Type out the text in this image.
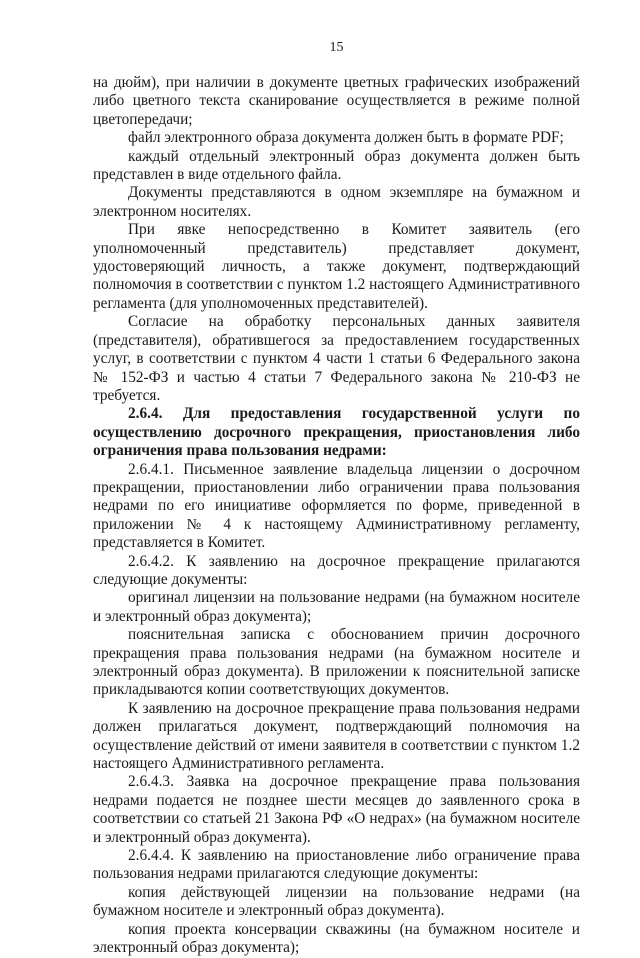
15

на дюйм), при наличии в документе цветных графических изображений либо цветного текста сканирование осуществляется в режиме полной цветопередачи;

файл электронного образа документа должен быть в формате PDF;

каждый отдельный электронный образ документа должен быть представлен в виде отдельного файла.

Документы представляются в одном экземпляре на бумажном и электронном носителях.

При явке непосредственно в Комитет заявитель (его уполномоченный представитель) представляет документ, удостоверяющий личность, а также документ, подтверждающий полномочия в соответствии с пунктом 1.2 настоящего Административного регламента (для уполномоченных представителей).

Согласие на обработку персональных данных заявителя (представителя), обратившегося за предоставлением государственных услуг, в соответствии с пунктом 4 части 1 статьи 6 Федерального закона № 152-ФЗ и частью 4 статьи 7 Федерального закона № 210-ФЗ не требуется.

2.6.4. Для предоставления государственной услуги по осуществлению досрочного прекращения, приостановления либо ограничения права пользования недрами:

2.6.4.1. Письменное заявление владельца лицензии о досрочном прекращении, приостановлении либо ограничении права пользования недрами по его инициативе оформляется по форме, приведенной в приложении № 4 к настоящему Административному регламенту, представляется в Комитет.

2.6.4.2. К заявлению на досрочное прекращение прилагаются следующие документы:

оригинал лицензии на пользование недрами (на бумажном носителе и электронный образ документа);

пояснительная записка с обоснованием причин досрочного прекращения права пользования недрами (на бумажном носителе и электронный образ документа). В приложении к пояснительной записке прикладываются копии соответствующих документов.

К заявлению на досрочное прекращение права пользования недрами должен прилагаться документ, подтверждающий полномочия на осуществление действий от имени заявителя в соответствии с пунктом 1.2 настоящего Административного регламента.

2.6.4.3. Заявка на досрочное прекращение права пользования недрами подается не позднее шести месяцев до заявленного срока в соответствии со статьей 21 Закона РФ «О недрах» (на бумажном носителе и электронный образ документа).

2.6.4.4. К заявлению на приостановление либо ограничение права пользования недрами прилагаются следующие документы:

копия действующей лицензии на пользование недрами (на бумажном носителе и электронный образ документа).

копия проекта консервации скважины (на бумажном носителе и электронный образ документа);
